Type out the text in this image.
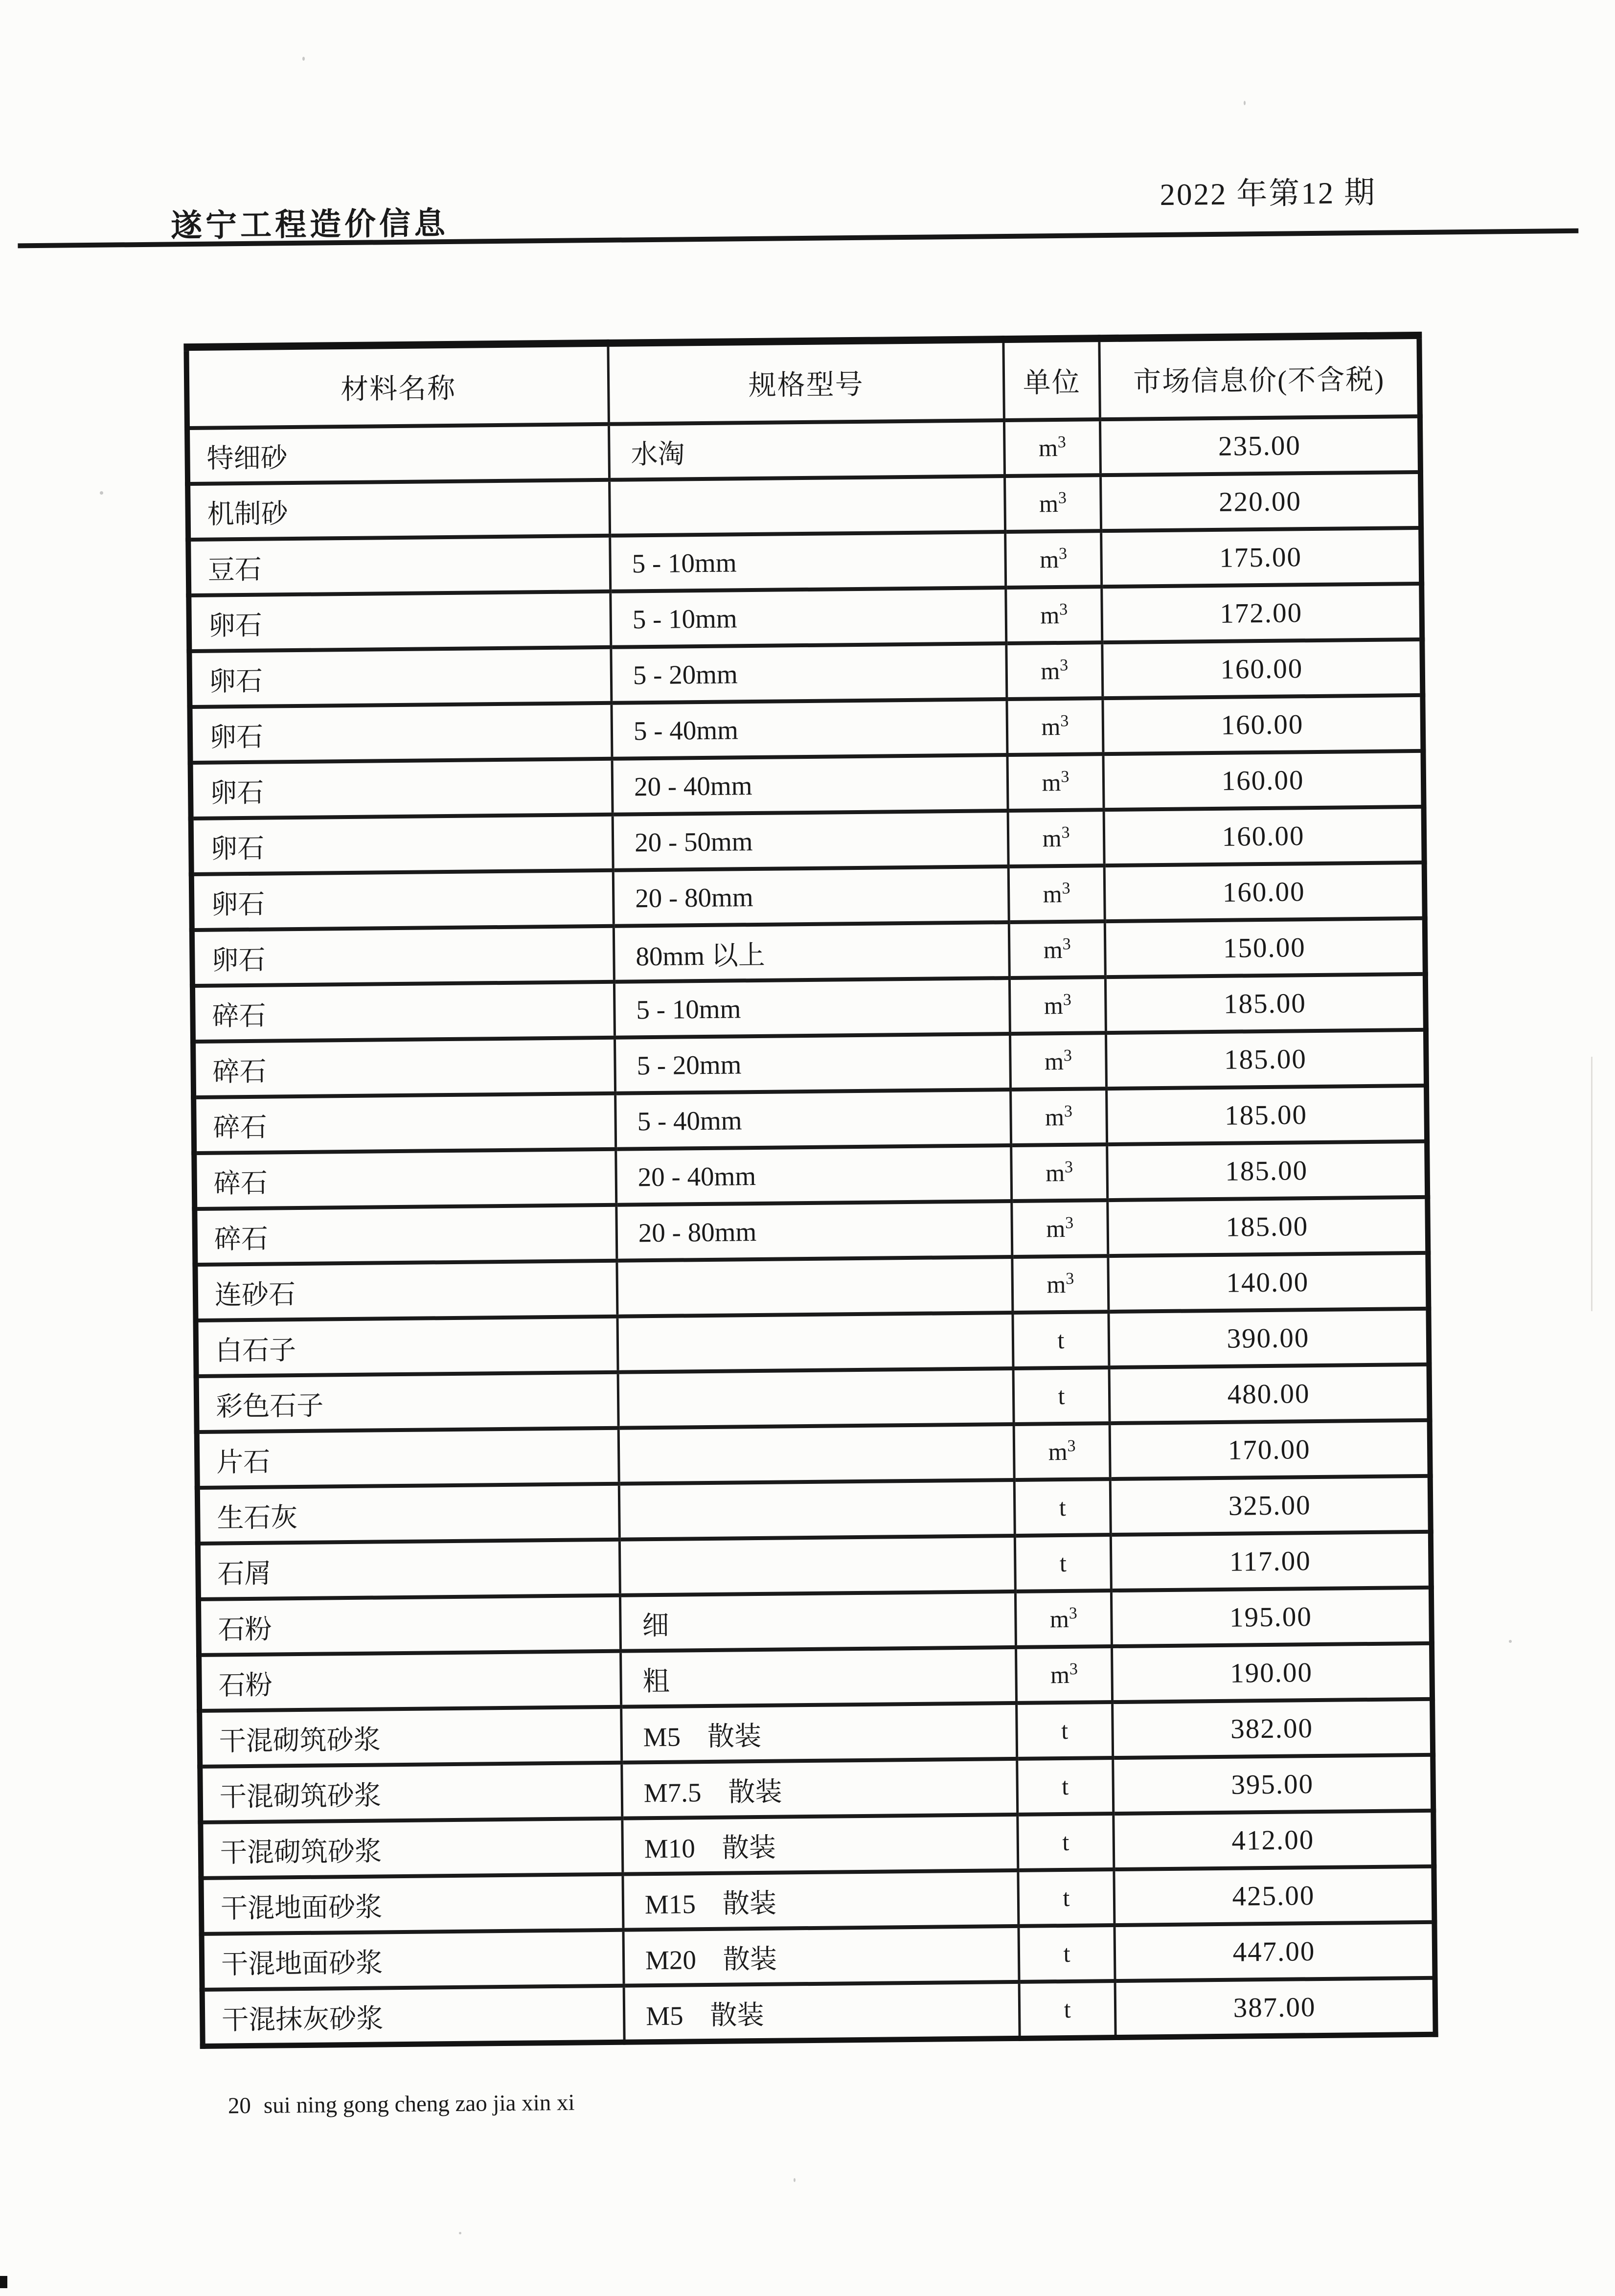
遂宁工程造价信息
2022 年第12 期
材料名称	规格型号	单位	市场信息价(不含税)
特细砂	水淘	$m^3$	235.00
机制砂		$m^3$	220.00
豆石	5 - 10mm	$m^3$	175.00
卵石	5 - 10mm	$m^3$	172.00
卵石	5 - 20mm	$m^3$	160.00
卵石	5 - 40mm	$m^3$	160.00
卵石	20 - 40mm	$m^3$	160.00
卵石	20 - 50mm	$m^3$	160.00
卵石	20 - 80mm	$m^3$	160.00
卵石	80mm 以上	$m^3$	150.00
碎石	5 - 10mm	$m^3$	185.00
碎石	5 - 20mm	$m^3$	185.00
碎石	5 - 40mm	$m^3$	185.00
碎石	20 - 40mm	$m^3$	185.00
碎石	20 - 80mm	$m^3$	185.00
连砂石		$m^3$	140.00
白石子		t	390.00
彩色石子		t	480.00
片石		$m^3$	170.00
生石灰		t	325.00
石屑		t	117.00
石粉	细	$m^3$	195.00
石粉	粗	$m^3$	190.00
干混砌筑砂浆	M5　散装	t	382.00
干混砌筑砂浆	M7.5　散装	t	395.00
干混砌筑砂浆	M10　散装	t	412.00
干混地面砂浆	M15　散装	t	425.00
干混地面砂浆	M20　散装	t	447.00
干混抹灰砂浆	M5　散装	t	387.00
20 sui ning gong cheng zao jia xin xi
